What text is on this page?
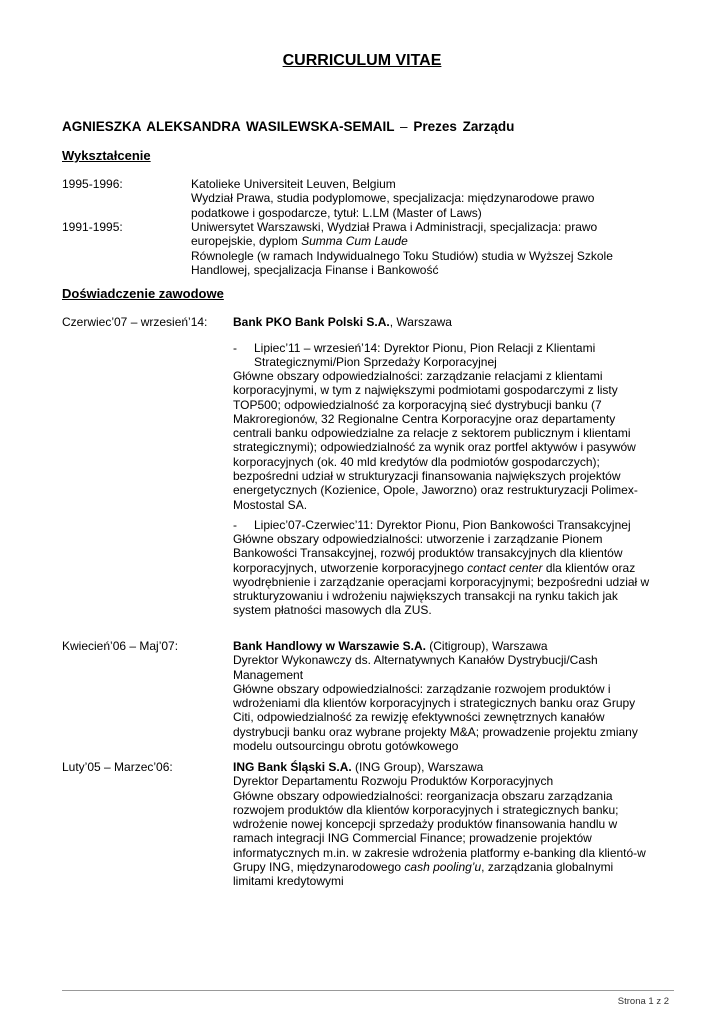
CURRICULUM VITAE
AGNIESZKA ALEKSANDRA WASILEWSKA-SEMAIL – Prezes Zarządu
Wykształcenie
1995-1996:	Katolieke Universiteit Leuven, Belgium
Wydział Prawa, studia podyplomowe, specjalizacja: międzynarodowe prawo
podatkowe i gospodarcze, tytuł: L.LM (Master of Laws)
1991-1995:	Uniwersytet Warszawski, Wydział Prawa i Administracji, specjalizacja: prawo
europejskie, dyplom Summa Cum Laude
Równolegle (w ramach Indywidualnego Toku Studiów) studia w Wyższej Szkole
Handlowej, specjalizacja Finanse i Bankowość
Doświadczenie zawodowe
Czerwiec’07 – wrzesień’14: Bank PKO Bank Polski S.A., Warszawa
- Lipiec’11 – wrzesień’14: Dyrektor Pionu, Pion Relacji z Klientami
Strategicznymi/Pion Sprzedaży Korporacyjnej
Główne obszary odpowiedzialności: zarządzanie relacjami z klientami
korporacyjnymi, w tym z największymi podmiotami gospodarczymi z listy
TOP500; odpowiedzialność za korporacyjną sieć dystrybucji banku (7
Makroregionów, 32 Regionalne Centra Korporacyjne oraz departamenty
centrali banku odpowiedzialne za relacje z sektorem publicznym i klientami
strategicznymi); odpowiedzialność za wynik oraz portfel aktywów i pasywów
korporacyjnych (ok. 40 mld kredytów dla podmiotów gospodarczych);
bezpośredni udział w strukturyzacji finansowania największych projektów
energetycznych (Kozienice, Opole, Jaworzno) oraz restrukturyzacji Polimex-
Mostostal SA.
- Lipiec’07-Czerwiec’11: Dyrektor Pionu, Pion Bankowości Transakcyjnej
Główne obszary odpowiedzialności: utworzenie i zarządzanie Pionem
Bankowości Transakcyjnej, rozwój produktów transakcyjnych dla klientów
korporacyjnych, utworzenie korporacyjnego contact center dla klientów oraz
wyodrębnienie i zarządzanie operacjami korporacyjnymi; bezpośredni udział w
strukturyzowaniu i wdrożeniu największych transakcji na rynku takich jak
system płatności masowych dla ZUS.
Kwiecień’06 – Maj’07:	Bank Handlowy w Warszawie S.A. (Citigroup), Warszawa
Dyrektor Wykonawczy ds. Alternatywnych Kanałów Dystrybucji/Cash
Management
Główne obszary odpowiedzialności: zarządzanie rozwojem produktów i
wdrożeniami dla klientów korporacyjnych i strategicznych banku oraz Grupy
Citi, odpowiedzialność za rewizję efektywności zewnętrznych kanałów
dystrybucji banku oraz wybrane projekty M&A; prowadzenie projektu zmiany
modelu outsourcingu obrotu gotówkowego
Luty’05 – Marzec’06:	ING Bank Śląski S.A. (ING Group), Warszawa
Dyrektor Departamentu Rozwoju Produktów Korporacyjnych
Główne obszary odpowiedzialności: reorganizacja obszaru zarządzania
rozwojem produktów dla klientów korporacyjnych i strategicznych banku;
wdrożenie nowej koncepcji sprzedaży produktów finansowania handlu w
ramach integracji ING Commercial Finance; prowadzenie projektów
informatycznych m.in. w zakresie wdrożenia platformy e-banking dla klientó-w
Grupy ING, międzynarodowego cash pooling’u, zarządzania globalnymi
limitami kredytowymi
Strona 1 z 2
